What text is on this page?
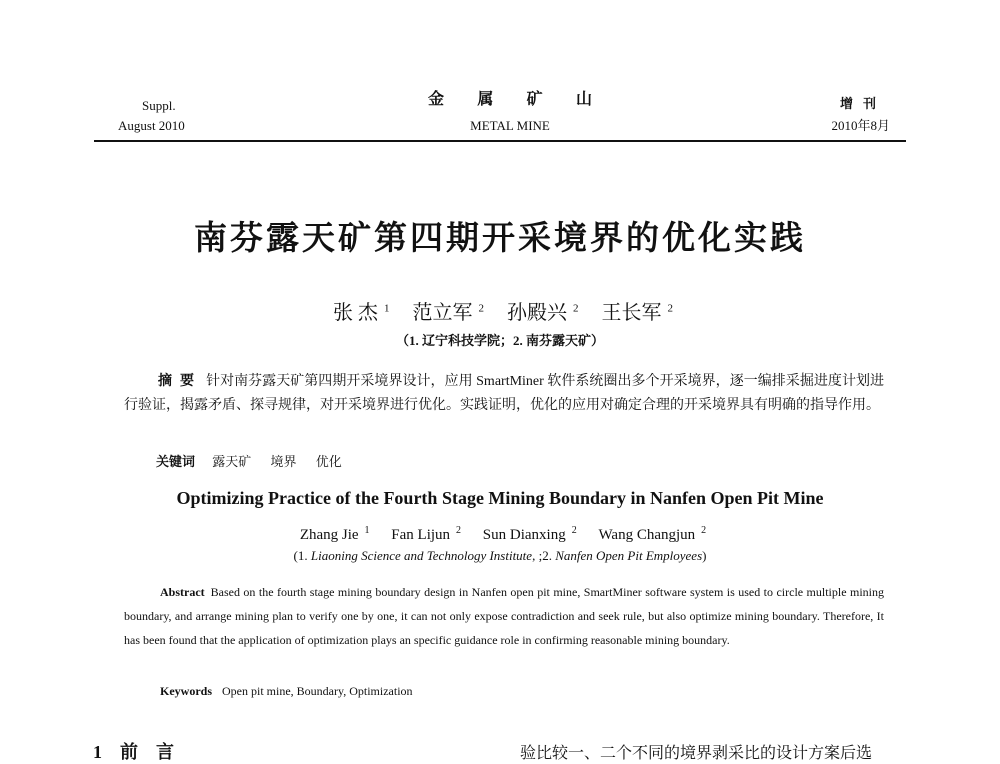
Suppl.
August 2010
金 属 矿 山
METAL MINE
增刊
2010年8月
南芬露天矿第四期开采境界的优化实践
张 杰 $^1$ 范立军 $^2$ 孙殿兴 $^2$ 王长军 $^2$
（1. 辽宁科技学院；2. 南芬露天矿）
摘要 针对南芬露天矿第四期开采境界设计，应用 SmartMiner 软件系统圈出多个开采境界，逐一编排采掘进度计划进行验证，揭露矛盾、探寻规律，对开采境界进行优化。实践证明，优化的应用对确定合理的开采境界具有明确的指导作用。
关键词 露天矿 境界 优化
Optimizing Practice of the Fourth Stage Mining Boundary in Nanfen Open Pit Mine
Zhang Jie $^1$ Fan Lijun $^2$ Sun Dianxing $^2$ Wang Changjun $^2$
(1. Liaoning Science and Technology Institute, ;2. Nanfen Open Pit Employees)
Abstract Based on the fourth stage mining boundary design in Nanfen open pit mine, SmartMiner software system is used to circle multiple mining boundary, and arrange mining plan to verify one by one, it can not only expose contradiction and seek rule, but also optimize mining boundary. Therefore, It has been found that the application of optimization plays an specific guidance role in confirming reasonable mining boundary.
Keywords Open pit mine, Boundary, Optimization
1 前言	验比较一、二个不同的境界剥采比的设计方案后选
